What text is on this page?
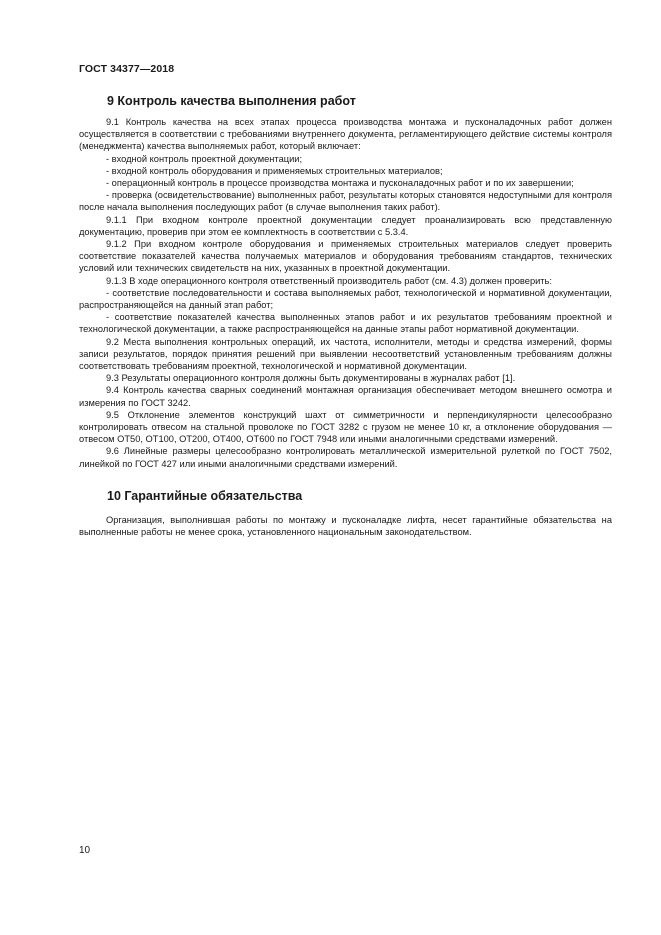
ГОСТ 34377—2018
9 Контроль качества выполнения работ

9.1 Контроль качества на всех этапах процесса производства монтажа и пусконаладочных работ должен осуществляется в соответствии с требованиями внутреннего документа, регламентирующего действие системы контроля (менеджмента) качества выполняемых работ, который включает:

- входной контроль проектной документации;

- входной контроль оборудования и применяемых строительных материалов;

- операционный контроль в процессе производства монтажа и пусконаладочных работ и по их завершении;

- проверка (освидетельствование) выполненных работ, результаты которых становятся недоступными для контроля после начала выполнения последующих работ (в случае выполнения таких работ).

9.1.1 При входном контроле проектной документации следует проанализировать всю представленную документацию, проверив при этом ее комплектность в соответствии с 5.3.4.

9.1.2 При входном контроле оборудования и применяемых строительных материалов следует проверить соответствие показателей качества получаемых материалов и оборудования требованиям стандартов, технических условий или технических свидетельств на них, указанных в проектной документации.

9.1.3 В ходе операционного контроля ответственный производитель работ (см. 4.3) должен проверить:

- соответствие последовательности и состава выполняемых работ, технологической и нормативной документации, распространяющейся на данный этап работ;

- соответствие показателей качества выполненных этапов работ и их результатов требованиям проектной и технологической документации, а также распространяющейся на данные этапы работ нормативной документации.

9.2 Места выполнения контрольных операций, их частота, исполнители, методы и средства измерений, формы записи результатов, порядок принятия решений при выявлении несоответствий установленным требованиям должны соответствовать требованиям проектной, технологической и нормативной документации.

9.3 Результаты операционного контроля должны быть документированы в журналах работ [1].

9.4 Контроль качества сварных соединений монтажная организация обеспечивает методом внешнего осмотра и измерения по ГОСТ 3242.

9.5 Отклонение элементов конструкций шахт от симметричности и перпендикулярности целесообразно контролировать отвесом на стальной проволоке по ГОСТ 3282 с грузом не менее 10 кг, а отклонение оборудования — отвесом ОТ50, ОТ100, ОТ200, ОТ400, ОТ600 по ГОСТ 7948 или иными аналогичными средствами измерений.

9.6 Линейные размеры целесообразно контролировать металлической измерительной рулеткой по ГОСТ 7502, линейкой по ГОСТ 427 или иными аналогичными средствами измерений.

10 Гарантийные обязательства

Организация, выполнившая работы по монтажу и пусконаладке лифта, несет гарантийные обязательства на выполненные работы не менее срока, установленного национальным законодательством.

10
